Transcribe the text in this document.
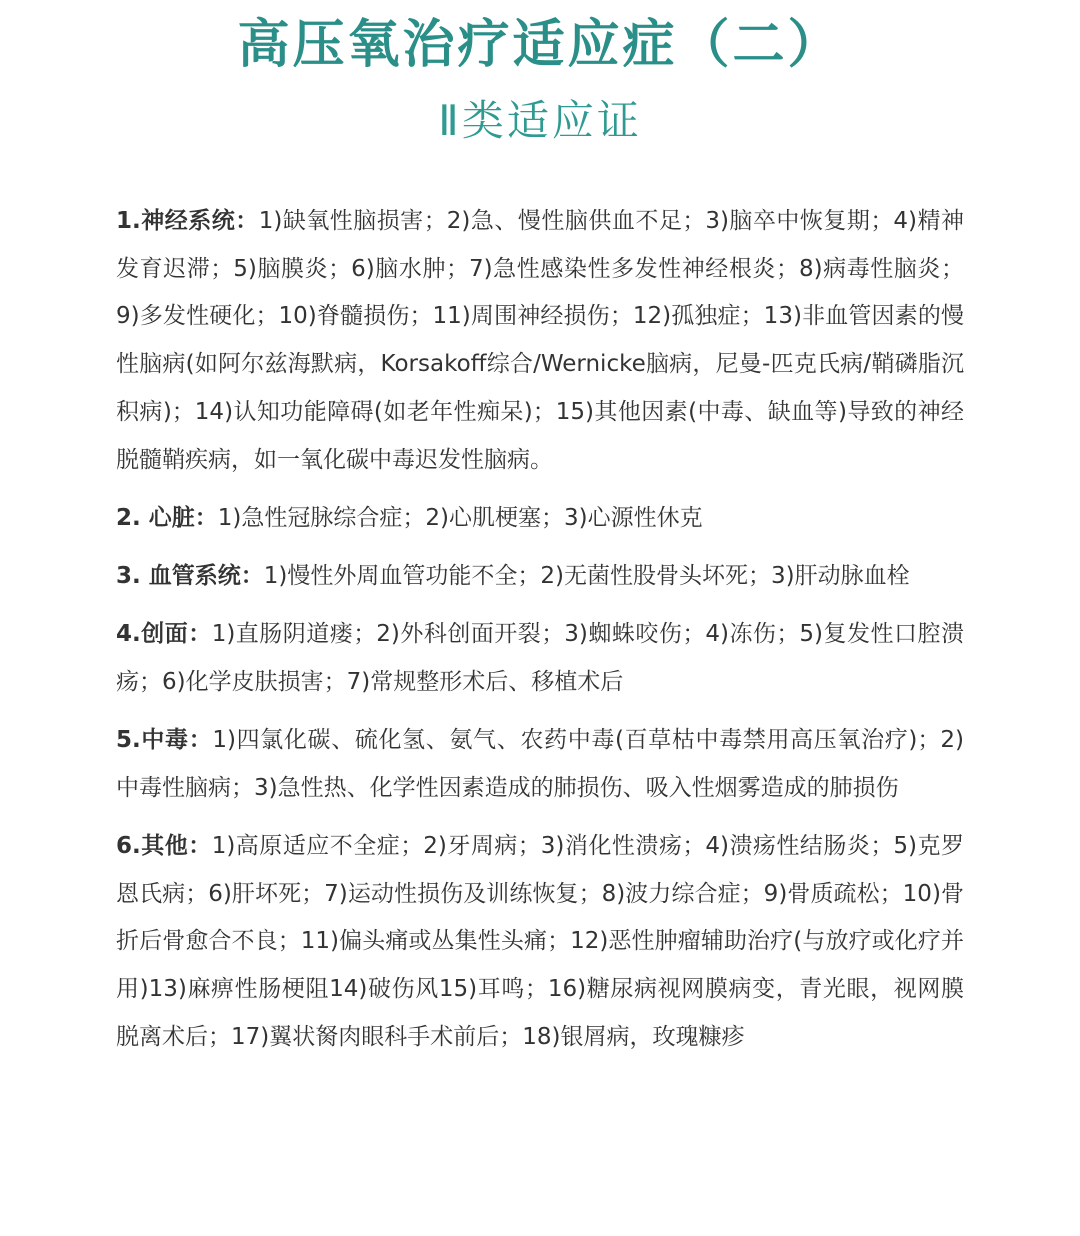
高压氧治疗适应症（二）
Ⅱ类适应证

1.神经系统：1)缺氧性脑损害；2)急、慢性脑供血不足；3)脑卒中恢复期；4)精神发育迟滞；5)脑膜炎；6)脑水肿；7)急性感染性多发性神经根炎；8)病毒性脑炎；9)多发性硬化；10)脊髓损伤；11)周围神经损伤；12)孤独症；13)非血管因素的慢性脑病(如阿尔兹海默病，Korsakoff综合/Wernicke脑病，尼曼-匹克氏病/鞘磷脂沉积病)；14)认知功能障碍(如老年性痴呆)；15)其他因素(中毒、缺血等)导致的神经脱髓鞘疾病，如一氧化碳中毒迟发性脑病。

2. 心脏：1)急性冠脉综合症；2)心肌梗塞；3)心源性休克

3. 血管系统：1)慢性外周血管功能不全；2)无菌性股骨头坏死；3)肝动脉血栓

4.创面：1)直肠阴道瘘；2)外科创面开裂；3)蜘蛛咬伤；4)冻伤；5)复发性口腔溃疡；6)化学皮肤损害；7)常规整形术后、移植术后

5.中毒：1)四氯化碳、硫化氢、氨气、农药中毒(百草枯中毒禁用高压氧治疗)；2)中毒性脑病；3)急性热、化学性因素造成的肺损伤、吸入性烟雾造成的肺损伤

6.其他：1)高原适应不全症；2)牙周病；3)消化性溃疡；4)溃疡性结肠炎；5)克罗恩氏病；6)肝坏死；7)运动性损伤及训练恢复；8)波力综合症；9)骨质疏松；10)骨折后骨愈合不良；11)偏头痛或丛集性头痛；12)恶性肿瘤辅助治疗(与放疗或化疗并用)13)麻痹性肠梗阻14)破伤风15)耳鸣；16)糖尿病视网膜病变，青光眼，视网膜脱离术后；17)翼状胬肉眼科手术前后；18)银屑病，玫瑰糠疹
